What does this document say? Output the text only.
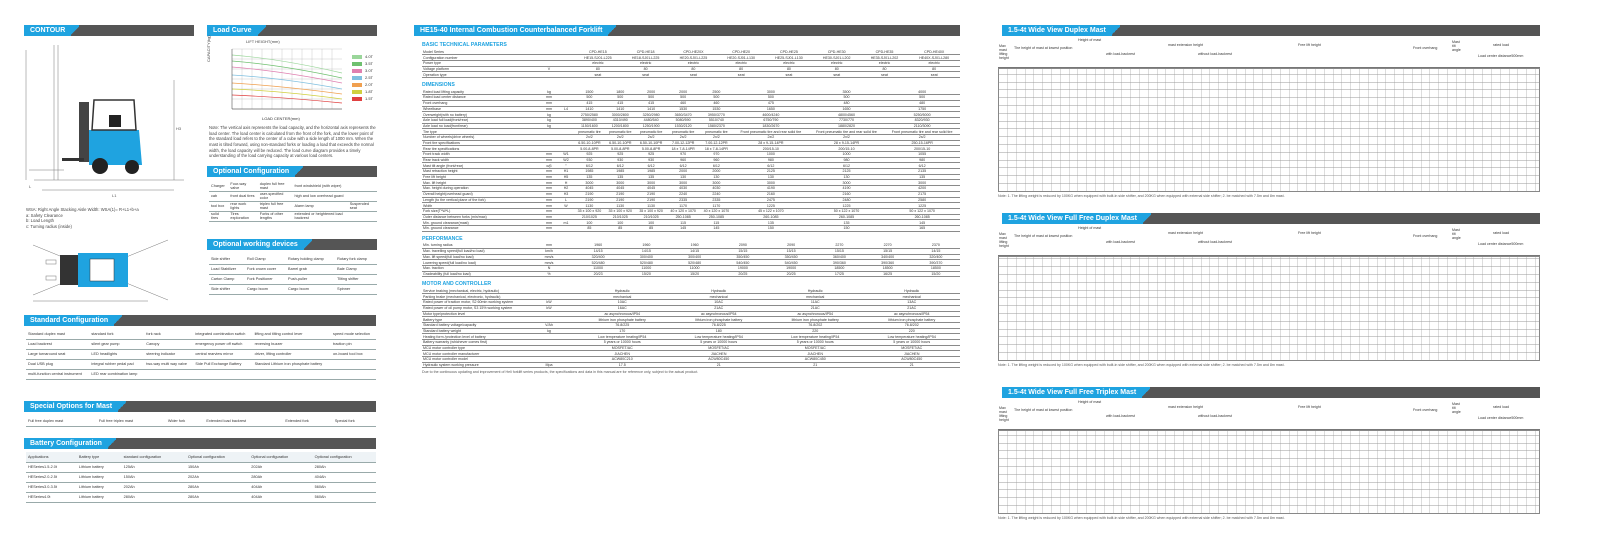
CONTOUR
L
L1
H3
WSA: Right Angle Stacking Aisle Width: WSA(1)= R+L1+b+a
a: Safety Clearance
b: Load Length
c: Turning radius (inside)
Load Curve
LIFT HEIGHT(mm)
CAPACITY(kg)	4.0T
3.5T
3.0T
2.5T
2.0T
1.8T
1.5T
LOAD CENTER(mm)
Note: The vertical axis represents the load capacity, and the horizontal axis represents the load center. The load center is calculated from the front of the fork, and the lower point of the standard load refers to the center of a cube with a side length of 1000 mm. When the mast is tilted forward, using non-standard forks or loading a load that exceeds the normal width, the load capacity will be reduced. The load curve diagram provides a timely understanding of the load carrying capacity at various load centers.
Optional Configuration
Charger	Four-way valve	duplex full free mast	front windshield (with wiper)	
cab	front dual tires	user-specified color	high and low overhead guard	
tool box	rear work lights	triplex full free mast	Alarm lamp	Suspended seat
solid tires	Tires exploration	Forks of other lengths	extended or heightened load backrest	
Optional working devices
Side shifter	Roll Clamp	Rotary holding clamp	Rotary fork clamp
Load Stabilizer	Fork crown cover	Barrel grab	Bale Clamp
Carton Clamp	Fork Positioner	Push-puller	Tilting shifter
Side shifter	Cargo boom	Cargo boom	Spinner
Standard Configuration
Standard duplex mast	standard fork	fork rack	integrated combination switch	lifting and tilting control lever	speed mode selection
Load backrest	silent gear pump	Canopy	emergency power off switch	reversing buzzer	traction pin
Large turnaround seat	LED headlights	steering indicator	central rearview mirror	driver, lifting controller	on-board tool box
Dual USB plug	integral rubber pedal pad	two-way multi way valve	Side Pull Exchange Battery	Standard Lithium iron phosphate battery	
multi-function central instrument	LED rear combination lamp				
Special Options for Mast
Full free duplex mast	Full free triplex mast	Wider fork	Extended load backrest	Extended fork	Special fork
Battery Configuration
Applications	Battery type	standard configuration	Optional configuration	Optional configuration	Optional configuration
HESeries1.5-2.0t	Lithium battery	125Ah	150Ah	202Ah	280Ah
HESeries2.0-2.5t	Lithium battery	150Ah	202Ah	280Ah	404Ah
HESeries3.0-3.5t	Lithium battery	202Ah	280Ah	404Ah	560Ah
HESeries4.0t	Lithium battery	280Ah	280Ah	404Ah	560Ah
HE15-40 Internal Combustion Counterbalanced Forklift
BASIC TECHNICAL PARAMETERS
Model Series			CPD-HE15	CPD-HE18	CPD-HE20X	CPD-HE20	CPD-HE25	CPD-HE30	CPD-HE35	CPD-HE40X
Configuration number			HE15-SJ01-L225	HE18-SJ01-L225	HE20-SJ01-L225	HE20-SJ01-L130	HE25-SJ01-L130	HE30-SJ01-L202	HE35-SJ01-L202	HE40X-SJ01-L280
Power type			electric	electric	electric	electric	electric	electric	electric	electric
Voltage platform	V		80	80	80	80	80	80	80	80
Operation type			seat	seat	seat	seat	seat	seat	seat	seat
DIMENSIONS
Rated load lifting capacity	kg		1500	1800	2000	2000	2500	3000	3500	4000
Rated load center distance	mm		500	500	500	500	500	500	500	500
Front overhang	mm		415	415	415	460	460	475	480	480
Wheelbase	mm	L4	1410	1410	1410	1530	1530	1650	1650	1750
Overweight(with no battery)	kg		2750/2580	3000/2800	3250/2980	3650/3470	3950/3770	4600/4240	4800/4560	5250/5000
Axle load full load(front/rear)	kg		3890/400	4310/490	4480/540	5080/590	5510/740	6750/790	7730/770	8320/930
Axle load no load(front/rear)	kg		1150/1600	1200/1800	1250/1900	1530/2120	1580/2370	1830/2670	1880/2820	2110/3090
Tire type			pneumatic tire	pneumatic tire	pneumatic tire	pneumatic tire	pneumatic tire	Front pneumatic tire and rear solid tire	Front pneumatic tire and rear solid tire	Front pneumatic tire and rear solid tire
Number of wheels(drive wheels)			2x/2	2x/2	2x/2	2x/2	2x/2	2x/2	2x/2	2x/2
Front tire specifications			6.50-10-10PR	6.50-10-10PR	6.50-10-10PR	7.00-12-12PR	7.00-12-12PR	28 x 9-15-14PR	28 x 9-15-14PR	250-15-16PR
Rear tire specifications			5.00-8-8PR	5.00-8-8PR	5.00-8-8PR	18 x 7-8-14PR	18 x 7-8-14PR	200/15-10	200/15-10	200/15-10
Front track width	mm	W1	925	925	925	970	970	1000	1000	1055
Rear track width	mm	W2	930	930	930	960	960	980	980	980
Mast tilt angle (front/rear)	α/β	°	6/12	6/12	6/12	6/12	6/12	6/12	6/12	6/12
Mast retraction height	mm	H1	1985	1985	1985	2000	2000	2125	2125	2135
Free lift height	mm	H5	135	135	135	130	130	130	130	135
Max. lift height	mm	H	3000	3000	3000	3000	3000	3000	3000	3000
Max. height during operation	mm	H2	4045	4045	4045	4030	4030	4190	4190	4200
Overall height(overhead guard)	mm	H3	2190	2190	2190	2240	2240	2160	2160	2175
Length (to the vertical plane of the fork)	mm	L	2190	2190	2190	2335	2335	2475	2480	2580
Width	mm	W	1130	1130	1130	1170	1170	1225	1225	1225
Fork size(T*W*L)	mm		35 x 100 x 920	35 x 100 x 920	35 x 100 x 920	40 x 120 x 1070	40 x 120 x 1070	45 x 122 x 1070	50 x 122 x 1070	50 x 122 x 1070
Outer distance between forks (min/max)	mm		210/1025	210/1025	210/1025	250-1085	250-1085	260-1085	260-1085	260-1085
Min. ground clearance(mast)	mm	m1	100	100	100	115	115	135	135	145
Min. ground clearance	mm		85	85	85	145	145	150	150	165
PERFORMANCE
Min. turning radius	mm		1960	1960	1960	2090	2090	2270	2270	2370
Max. travelling speed(full load/no load)	km/h		14/15	14/15	14/15	15/15	15/15	15/15	15/15	14/15
Max. lift speed(full load/no load)	mm/s		320/400	300/400	300/400	350/450	350/450	360/400	340/400	320/400
Lowering speed(full load/no load)	mm/s		520/480	520/480	520/480	540/450	540/450	390/360	390/360	390/370
Max. traction	N		11000	11000	11000	19000	19000	18500	18500	18500
Gradeability (full load/no load)	%		20/23	15/20	15/20	20/25	20/25	17/25	16/25	15/20
MOTOR AND CONTROLLER
Service braking (mechanical, electric, hydraulic)			Hydraulic	Hydraulic	Hydraulic	Hydraulic
Parking brake (mechanical, electronic, hydraulic)			mechanical	mechanical	mechanical	mechanical
Rated power of traction motor, S2 60min working system	kW		10AC	10AC	11AC	13AC
Rated power of oil pump motor, S3 15% working system	kW		16AC	21AC	21AC	21AC
Motor type/protection level			ac asynchronous/IP54	ac asynchronous/IP54	ac asynchronous/IP54	ac asynchronous/IP54
Battery type			lithium iron phosphate battery	lithium iron phosphate battery	lithium iron phosphate battery	lithium iron phosphate battery
Standard battery voltage/capacity	V/Ah		76.8/225	76.8/225	76.8/202	76.8/202
Standard battery weight	kg		170	180	220	220
Heating form /protection level of battery			Low temperature heating/IP54	Low temperature heating/IP54	Low temperature heating/IP54	Low temperature heating/IP54
Battery warranty (whichever comes first)			5 years or 10000 hours	5 years or 10000 hours	5 years or 10000 hours	5 years or 10000 hours
MCU motor controller type			MOSFET/AC	MOSFET/AC	MOSFET/AC	MOSFET/AC
MCU motor controller manufacturer			JIACHEN	JIACHEN	JIACHEN	JIACHEN
MCU motor controller model			ACW80C210	ACW80C450	ACW80C450	ACW80C450
Hydraulic system working pressure	Mpa		17.5	21	21	21
Due to the continuous updating and improvement of Heli forklift series products, the specifications and data in this manual are for reference only, subject to the actual product.
1.5-4t Wide View Duplex Mast
Max mast lifting height
Height of mast
The height of mast at lowest position
mast extension height
with load-backrest	without load-backrest
Free lift height
Front overhang
Mast tilt angle
rated load
Load center distance500mm
Note: 1. The lifting weight is reduced by 100KG when equipped with built-in side shifter, and 200KG when equipped with external side shifter; 2. be matched with 7.5m and 8m mast.
1.5-4t Wide View Full Free Duplex Mast
Max mast lifting height
Height of mast
The height of mast at lowest position
mast extension height
with load-backrest	without load-backrest
Free lift height
Front overhang
Mast tilt angle
rated load
Load center distance500mm
Note: 1. The lifting weight is reduced by 100KG when equipped with built-in side shifter, and 200KG when equipped with external side shifter; 2. be matched with 7.5m and 8m mast.
1.5-4t Wide View Full Free Triplex Mast
Max mast lifting height
Height of mast
The height of mast at lowest position
mast extension height
with load-backrest	without load-backrest
Free lift height
Front overhang
Mast tilt angle
rated load
Load center distance500mm
Note: 1. The lifting weight is reduced by 100KG when equipped with built-in side shifter, and 200KG when equipped with external side shifter; 2. be matched with 7.5m and 8m mast.
